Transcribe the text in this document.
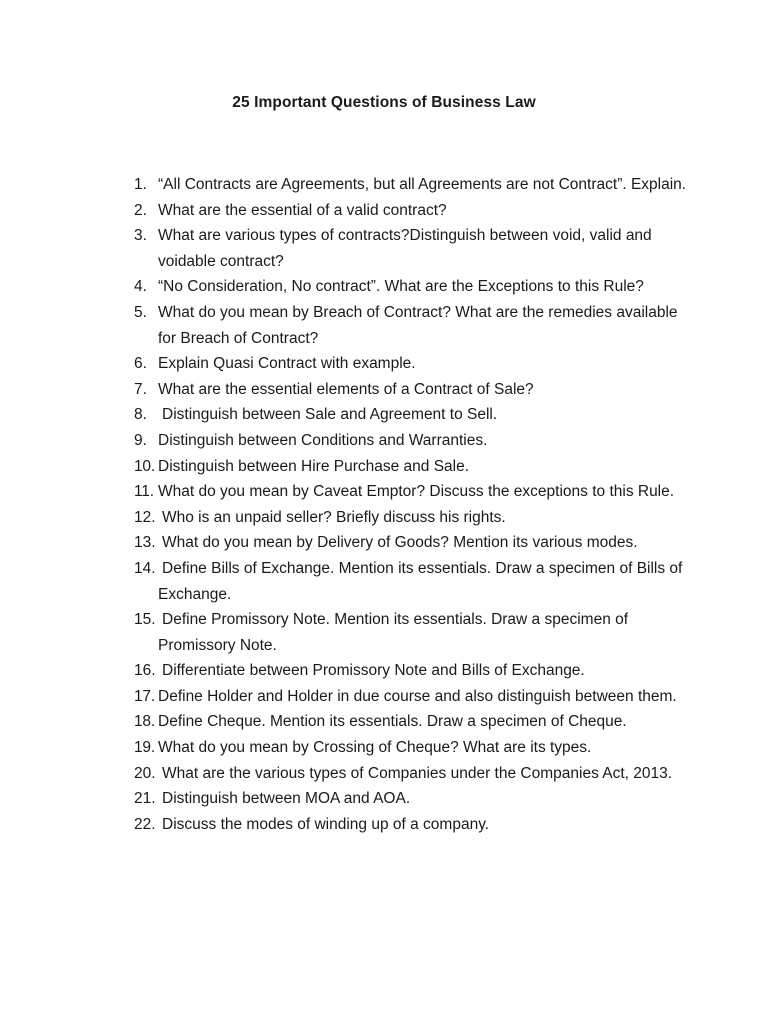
25 Important Questions of Business Law
1. “All Contracts are Agreements, but all Agreements are not Contract”. Explain.
2. What are the essential of a valid contract?
3. What are various types of contracts?Distinguish between void, valid and voidable contract?
4. “No Consideration, No contract”. What are the Exceptions to this Rule?
5. What do you mean by Breach of Contract? What are the remedies available for Breach of Contract?
6. Explain Quasi Contract with example.
7. What are the essential elements of a Contract of Sale?
8. Distinguish between Sale and Agreement to Sell.
9. Distinguish between Conditions and Warranties.
10. Distinguish between Hire Purchase and Sale.
11. What do you mean by Caveat Emptor? Discuss the exceptions to this Rule.
12. Who is an unpaid seller? Briefly discuss his rights.
13. What do you mean by Delivery of Goods? Mention its various modes.
14. Define Bills of Exchange. Mention its essentials. Draw a specimen of Bills of Exchange.
15. Define Promissory Note. Mention its essentials. Draw a specimen of Promissory Note.
16. Differentiate between Promissory Note and Bills of Exchange.
17. Define Holder and Holder in due course and also distinguish between them.
18. Define Cheque. Mention its essentials. Draw a specimen of Cheque.
19. What do you mean by Crossing of Cheque? What are its types.
20. What are the various types of Companies under the Companies Act, 2013.
21. Distinguish between MOA and AOA.
22. Discuss the modes of winding up of a company.
